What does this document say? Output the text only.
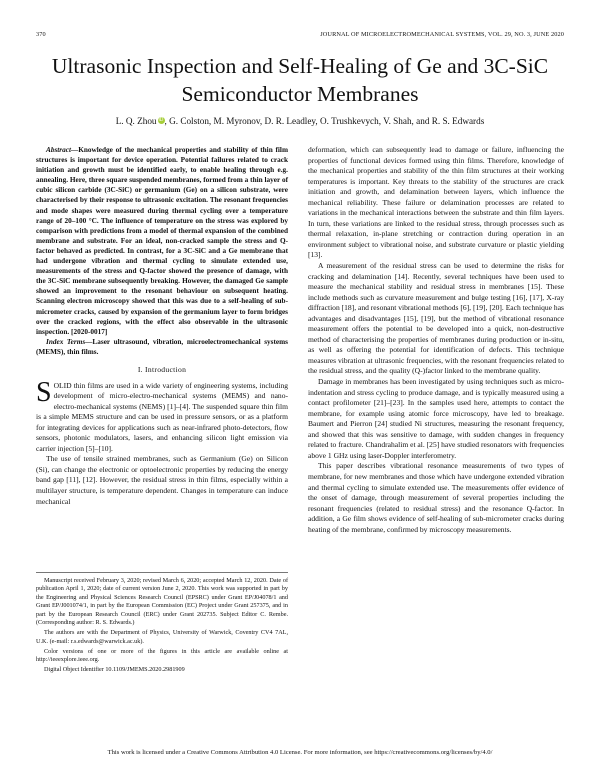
370	JOURNAL OF MICROELECTROMECHANICAL SYSTEMS, VOL. 29, NO. 3, JUNE 2020
Ultrasonic Inspection and Self-Healing of Ge and 3C-SiC Semiconductor Membranes
L. Q. Zhou iD, G. Colston, M. Myronov, D. R. Leadley, O. Trushkevych, V. Shah, and R. S. Edwards

Abstract—Knowledge of the mechanical properties and stability of thin film structures is important for device operation. Potential failures related to crack initiation and growth must be identified early, to enable healing through e.g. annealing. Here, three square suspended membranes, formed from a thin layer of cubic silicon carbide (3C-SiC) or germanium (Ge) on a silicon substrate, were characterised by their response to ultrasonic excitation. The resonant frequencies and mode shapes were measured during thermal cycling over a temperature range of 20–100 °C. The influence of temperature on the stress was explored by comparison with predictions from a model of thermal expansion of the combined membrane and substrate. For an ideal, non-cracked sample the stress and Q-factor behaved as predicted. In contrast, for a 3C-SiC and a Ge membrane that had undergone vibration and thermal cycling to simulate extended use, measurements of the stress and Q-factor showed the presence of damage, with the 3C-SiC membrane subsequently breaking. However, the damaged Ge sample showed an improvement to the resonant behaviour on subsequent heating. Scanning electron microscopy showed that this was due to a self-healing of sub-micrometer cracks, caused by expansion of the germanium layer to form bridges over the cracked regions, with the effect also observable in the ultrasonic inspection. [2020-0017]

Index Terms—Laser ultrasound, vibration, microelectromechanical systems (MEMS), thin films.

I. Introduction

SOLID thin films are used in a wide variety of engineering systems, including development of micro-electro-mechanical systems (MEMS) and nano-electro-mechanical systems (NEMS) [1]–[4]. The suspended square thin film is a simple MEMS structure and can be used in pressure sensors, or as a platform for integrating devices for applications such as near-infrared photo-detectors, flow sensors, photonic modulators, lasers, and enhancing silicon light emission via carrier injection [5]–[10].

The use of tensile strained membranes, such as Germanium (Ge) on Silicon (Si), can change the electronic or optoelectronic properties by reducing the energy band gap [11], [12]. However, the residual stress in thin films, especially within a multilayer structure, is temperature dependent. Changes in temperature can induce mechanical

Manuscript received February 3, 2020; revised March 6, 2020; accepted March 12, 2020. Date of publication April 1, 2020; date of current version June 2, 2020. This work was supported in part by the Engineering and Physical Sciences Research Council (EPSRC) under Grant EP/J04078/1 and Grant EP/J001074/1, in part by the European Commission (EC) Project under Grant 257375, and in part by the European Research Council (ERC) under Grant 202735. Subject Editor C. Rembe. (Corresponding author: R. S. Edwards.)

The authors are with the Department of Physics, University of Warwick, Coventry CV4 7AL, U.K. (e-mail: r.s.edwards@warwick.ac.uk).

Color versions of one or more of the figures in this article are available online at http://ieeexplore.ieee.org.

Digital Object Identifier 10.1109/JMEMS.2020.2981909

deformation, which can subsequently lead to damage or failure, influencing the properties of functional devices formed using thin films. Therefore, knowledge of the mechanical properties and stability of the thin film structures at their working temperatures is important. Key threats to the stability of the structures are crack initiation and growth, and delamination between layers, which influence the mechanical reliability. These failure or delamination processes are related to variations in the mechanical interactions between the substrate and thin film layers. In turn, these variations are linked to the residual stress, through processes such as thermal relaxation, in-plane stretching or contraction during operation in an environment subject to vibrational noise, and substrate curvature or plastic yielding [13].

A measurement of the residual stress can be used to determine the risks for cracking and delamination [14]. Recently, several techniques have been used to measure the mechanical stability and residual stress in membranes [15]. These include methods such as curvature measurement and bulge testing [16], [17], X-ray diffraction [18], and resonant vibrational methods [6], [19], [20]. Each technique has advantages and disadvantages [15], [19], but the method of vibrational resonance measurement offers the potential to be developed into a quick, non-destructive method of characterising the properties of membranes during production or in-situ, as well as offering the potential for identification of defects. This technique measures vibration at ultrasonic frequencies, with the resonant frequencies related to the residual stress, and the quality (Q-)factor linked to the membrane quality.

Damage in membranes has been investigated by using techniques such as micro-indentation and stress cycling to produce damage, and is typically measured using a contact profilometer [21]–[23]. In the samples used here, attempts to contact the membrane, for example using atomic force microscopy, have led to breakage. Baumert and Pierron [24] studied Ni structures, measuring the resonant frequency, and showed that this was sensitive to damage, with sudden changes in frequency related to fracture. Chandrahalim et al. [25] have studied resonators with frequencies above 1 GHz using laser-Doppler interferometry.

This paper describes vibrational resonance measurements of two types of membrane, for new membranes and those which have undergone extended vibration and thermal cycling to simulate extended use. The measurements offer evidence of the onset of damage, through measurement of several properties including the resonant frequencies (related to residual stress) and the resonance Q-factor. In addition, a Ge film shows evidence of self-healing of sub-micrometer cracks during heating of the membrane, confirmed by microscopy measurements.

This work is licensed under a Creative Commons Attribution 4.0 License. For more information, see https://creativecommons.org/licenses/by/4.0/
